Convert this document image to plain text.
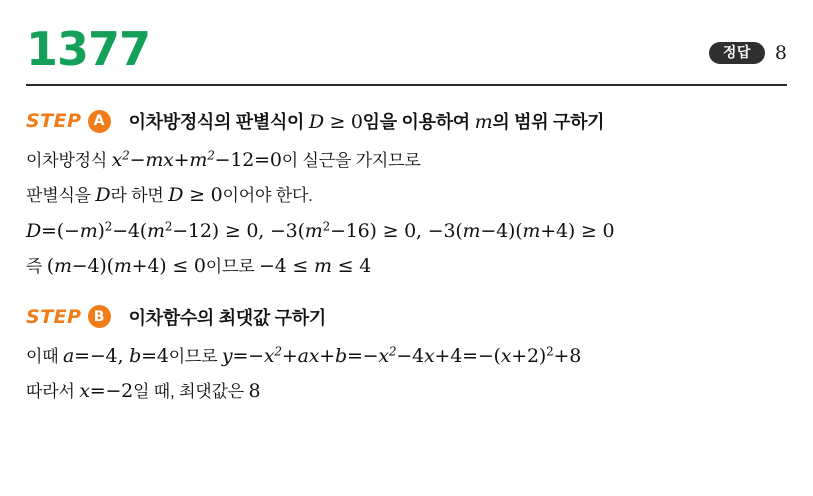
1377	정답	8
STEP A	이차방정식의 판별식이 D ≥ 0임을 이용하여 m의 범위 구하기
이차방정식 $x^2-mx+m^2-12=0$이 실근을 가지므로
판별식을 D라 하면 D ≥ 0이어야 한다.
$D=(-m)^2-4(m^2-12) \ge 0$, $-3(m^2-16) \ge 0$, −3(m−4)(m+4) ≥ 0
즉 (m−4)(m+4) ≤ 0이므로 −4 ≤ m ≤ 4
STEP B	이차함수의 최댓값 구하기
이때 a=−4, b=4이므로 $y=-x^2+ax+b=-x^2-4x+4=-(x+2)^2+8$
따라서 x=−2일 때, 최댓값은 8
